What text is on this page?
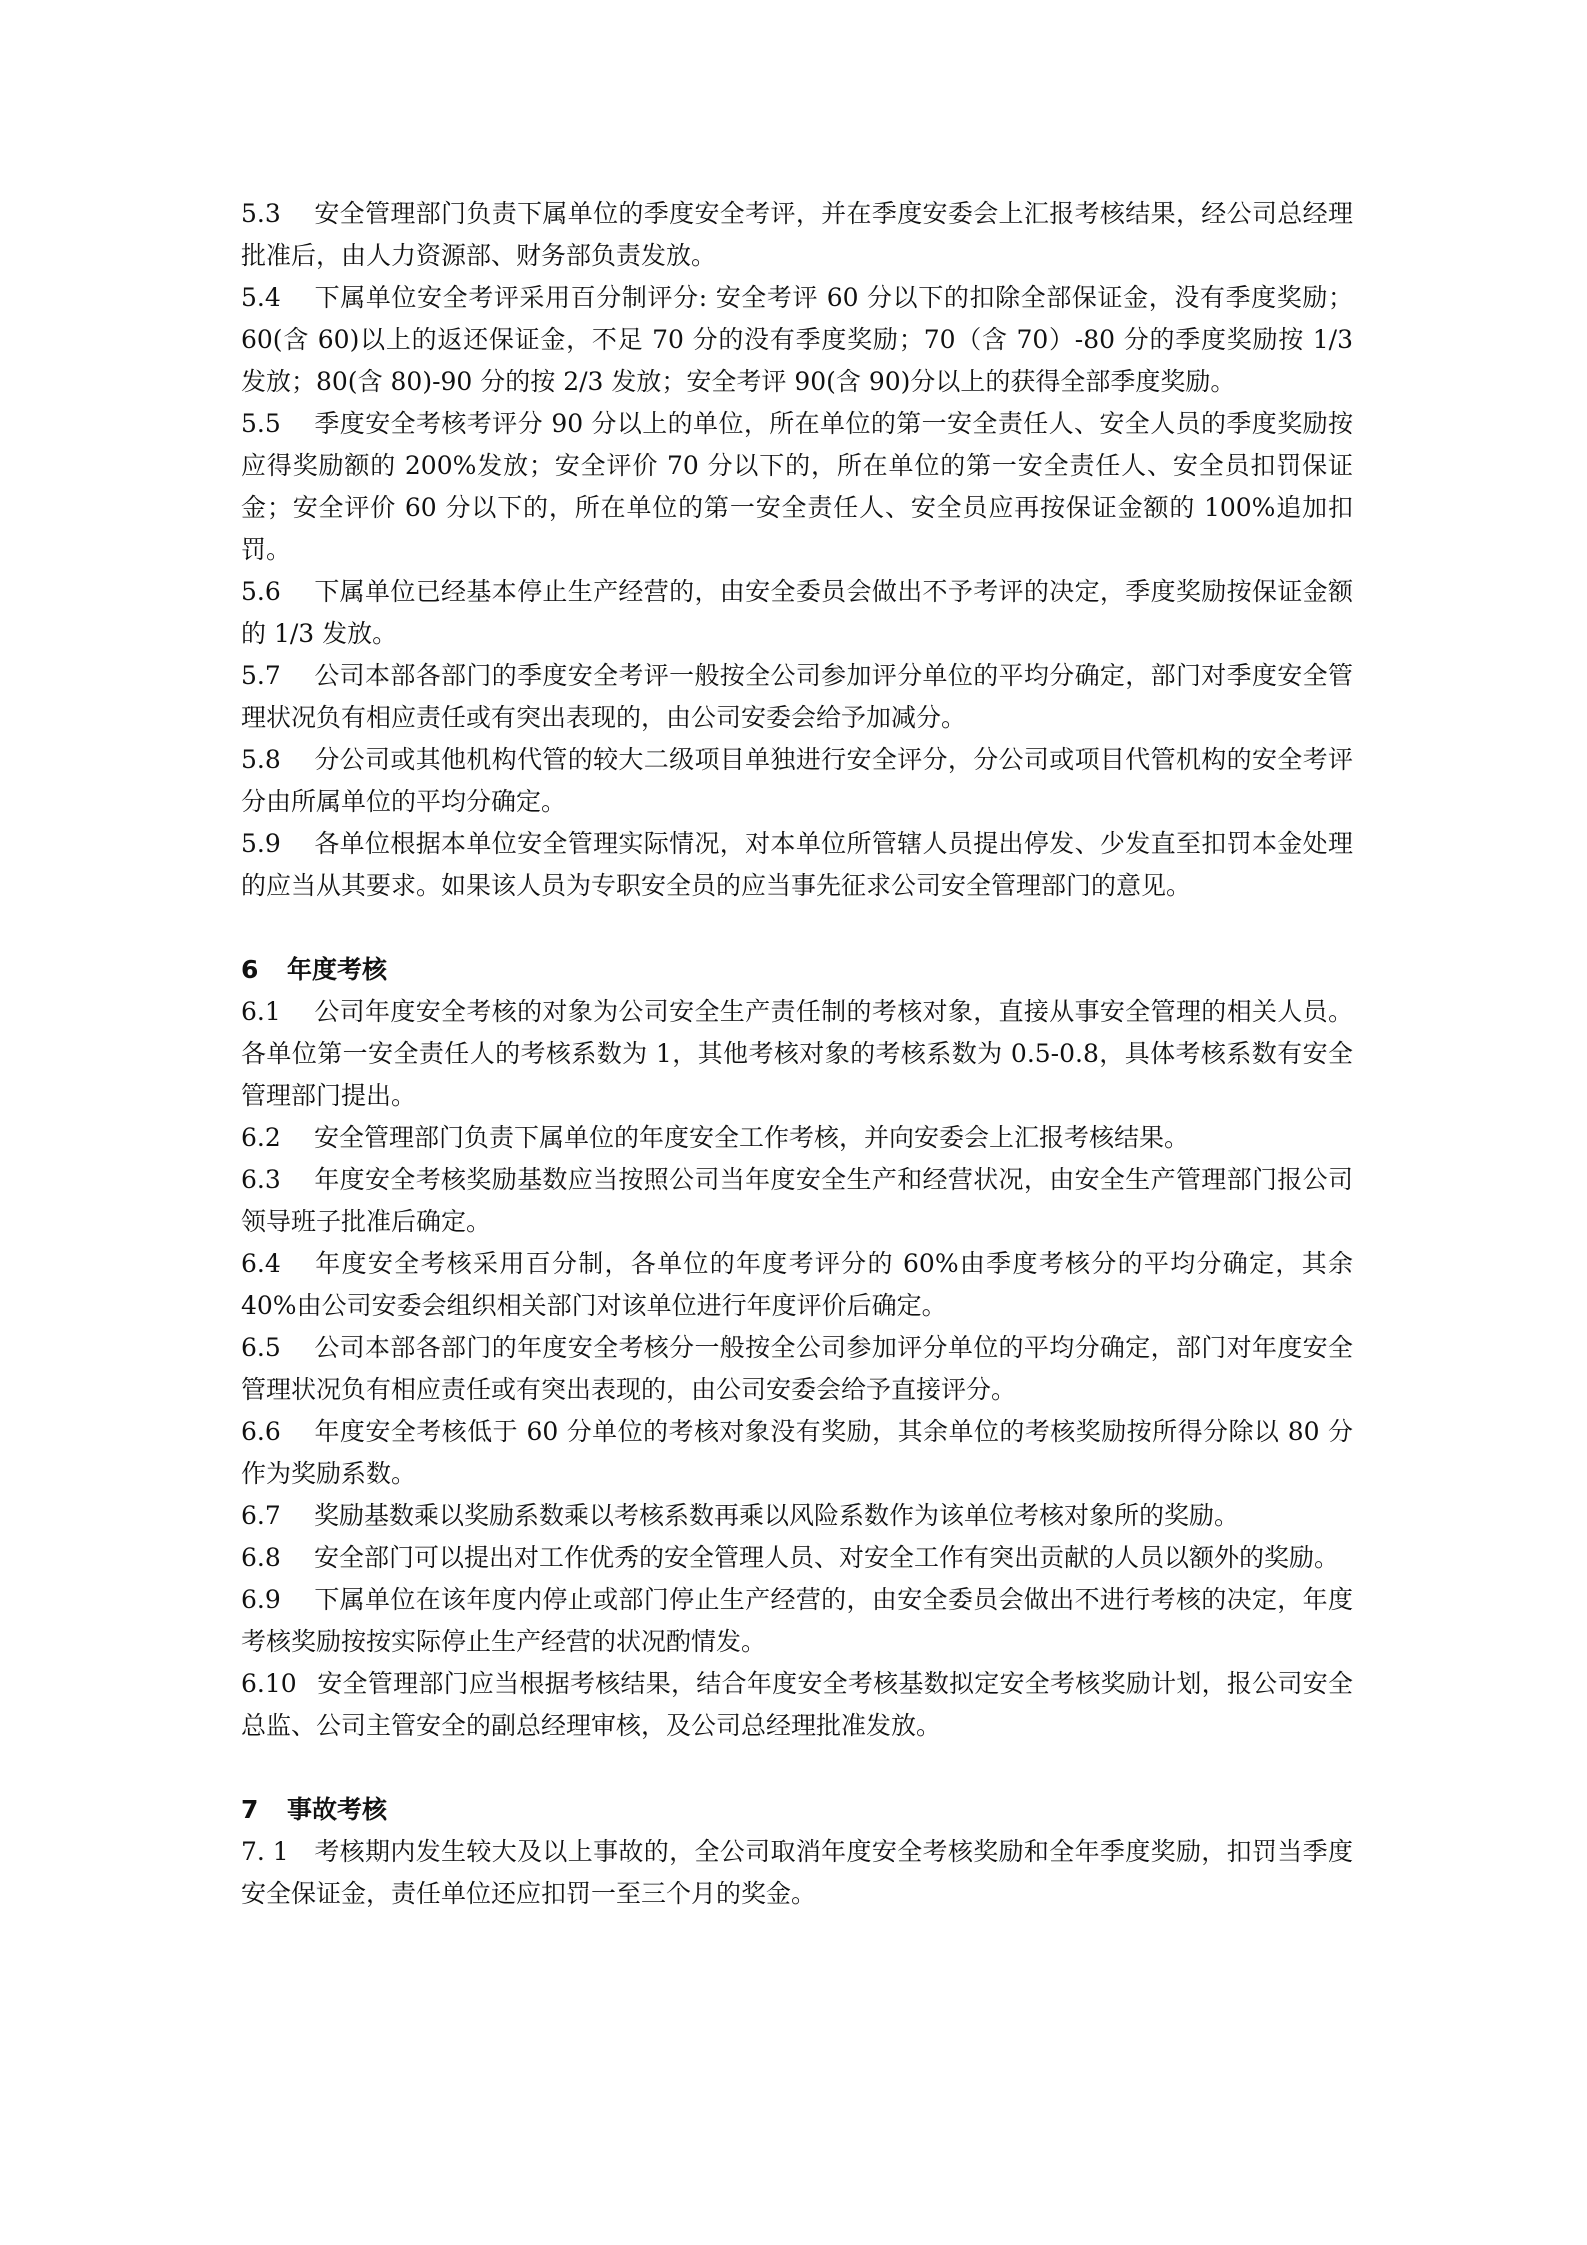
5.3 安全管理部门负责下属单位的季度安全考评，并在季度安委会上汇报考核结果，经公司总经理批准后，由人力资源部、财务部负责发放。

5.4 下属单位安全考评采用百分制评分: 安全考评 60 分以下的扣除全部保证金，没有季度奖励；60(含 60)以上的返还保证金，不足 70 分的没有季度奖励；70（含 70）-80 分的季度奖励按 1/3 发放；80(含 80)-90 分的按 2/3 发放；安全考评 90(含 90)分以上的获得全部季度奖励。

5.5 季度安全考核考评分 90 分以上的单位，所在单位的第一安全责任人、安全人员的季度奖励按应得奖励额的 200%发放；安全评价 70 分以下的，所在单位的第一安全责任人、安全员扣罚保证金；安全评价 60 分以下的，所在单位的第一安全责任人、安全员应再按保证金额的 100%追加扣罚。

5.6 下属单位已经基本停止生产经营的，由安全委员会做出不予考评的决定，季度奖励按保证金额的 1/3 发放。

5.7 公司本部各部门的季度安全考评一般按全公司参加评分单位的平均分确定，部门对季度安全管理状况负有相应责任或有突出表现的，由公司安委会给予加减分。

5.8 分公司或其他机构代管的较大二级项目单独进行安全评分，分公司或项目代管机构的安全考评分由所属单位的平均分确定。

5.9 各单位根据本单位安全管理实际情况，对本单位所管辖人员提出停发、少发直至扣罚本金处理的应当从其要求。如果该人员为专职安全员的应当事先征求公司安全管理部门的意见。

6 年度考核

6.1 公司年度安全考核的对象为公司安全生产责任制的考核对象，直接从事安全管理的相关人员。各单位第一安全责任人的考核系数为 1，其他考核对象的考核系数为 0.5-0.8，具体考核系数有安全管理部门提出。

6.2 安全管理部门负责下属单位的年度安全工作考核，并向安委会上汇报考核结果。

6.3 年度安全考核奖励基数应当按照公司当年度安全生产和经营状况，由安全生产管理部门报公司领导班子批准后确定。

6.4 年度安全考核采用百分制，各单位的年度考评分的 60%由季度考核分的平均分确定，其余 40%由公司安委会组织相关部门对该单位进行年度评价后确定。

6.5 公司本部各部门的年度安全考核分一般按全公司参加评分单位的平均分确定，部门对年度安全管理状况负有相应责任或有突出表现的，由公司安委会给予直接评分。

6.6 年度安全考核低于 60 分单位的考核对象没有奖励，其余单位的考核奖励按所得分除以 80 分作为奖励系数。

6.7 奖励基数乘以奖励系数乘以考核系数再乘以风险系数作为该单位考核对象所的奖励。

6.8 安全部门可以提出对工作优秀的安全管理人员、对安全工作有突出贡献的人员以额外的奖励。

6.9 下属单位在该年度内停止或部门停止生产经营的，由安全委员会做出不进行考核的决定，年度考核奖励按按实际停止生产经营的状况酌情发。

6.10 安全管理部门应当根据考核结果，结合年度安全考核基数拟定安全考核奖励计划，报公司安全总监、公司主管安全的副总经理审核，及公司总经理批准发放。

7 事故考核

7. 1 考核期内发生较大及以上事故的，全公司取消年度安全考核奖励和全年季度奖励，扣罚当季度安全保证金，责任单位还应扣罚一至三个月的奖金。
